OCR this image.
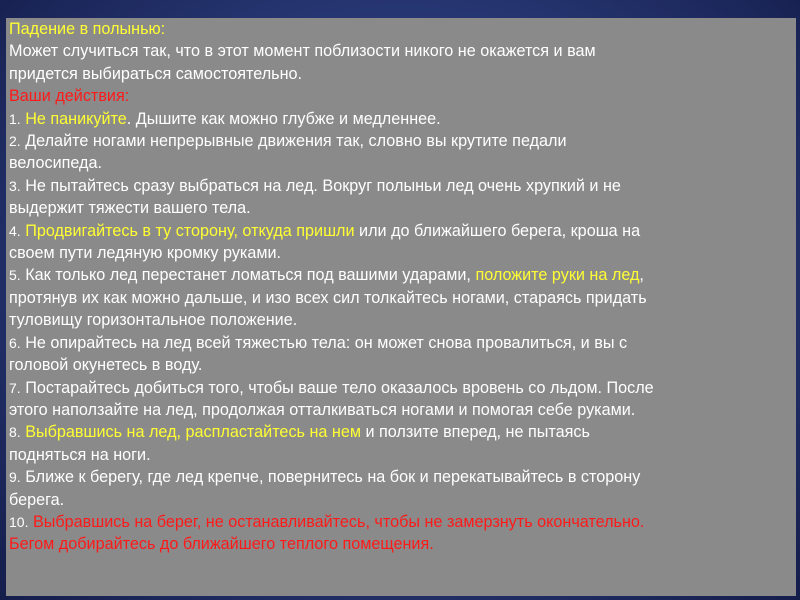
Падение в полынью:
Может случиться так, что в этот момент поблизости никого не окажется и вам
придется выбираться самостоятельно.
Ваши действия:
1. Не паникуйте. Дышите как можно глубже и медленнее.
2. Делайте ногами непрерывные движения так, словно вы крутите педали
велосипеда.
3. Не пытайтесь сразу выбраться на лед. Вокруг полыньи лед очень хрупкий и не
выдержит тяжести вашего тела.
4. Продвигайтесь в ту сторону, откуда пришли или до ближайшего берега, кроша на
своем пути ледяную кромку руками.
5. Как только лед перестанет ломаться под вашими ударами, положите руки на лед,
протянув их как можно дальше, и изо всех сил толкайтесь ногами, стараясь придать
туловищу горизонтальное положение.
6. Не опирайтесь на лед всей тяжестью тела: он может снова провалиться, и вы с
головой окунетесь в воду.
7. Постарайтесь добиться того, чтобы ваше тело оказалось вровень со льдом. После
этого наползайте на лед, продолжая отталкиваться ногами и помогая себе руками.
8. Выбравшись на лед, распластайтесь на нем и ползите вперед, не пытаясь
подняться на ноги.
9. Ближе к берегу, где лед крепче, повернитесь на бок и перекатывайтесь в сторону
берега.
10. Выбравшись на берег, не останавливайтесь, чтобы не замерзнуть окончательно.
Бегом добирайтесь до ближайшего теплого помещения.
